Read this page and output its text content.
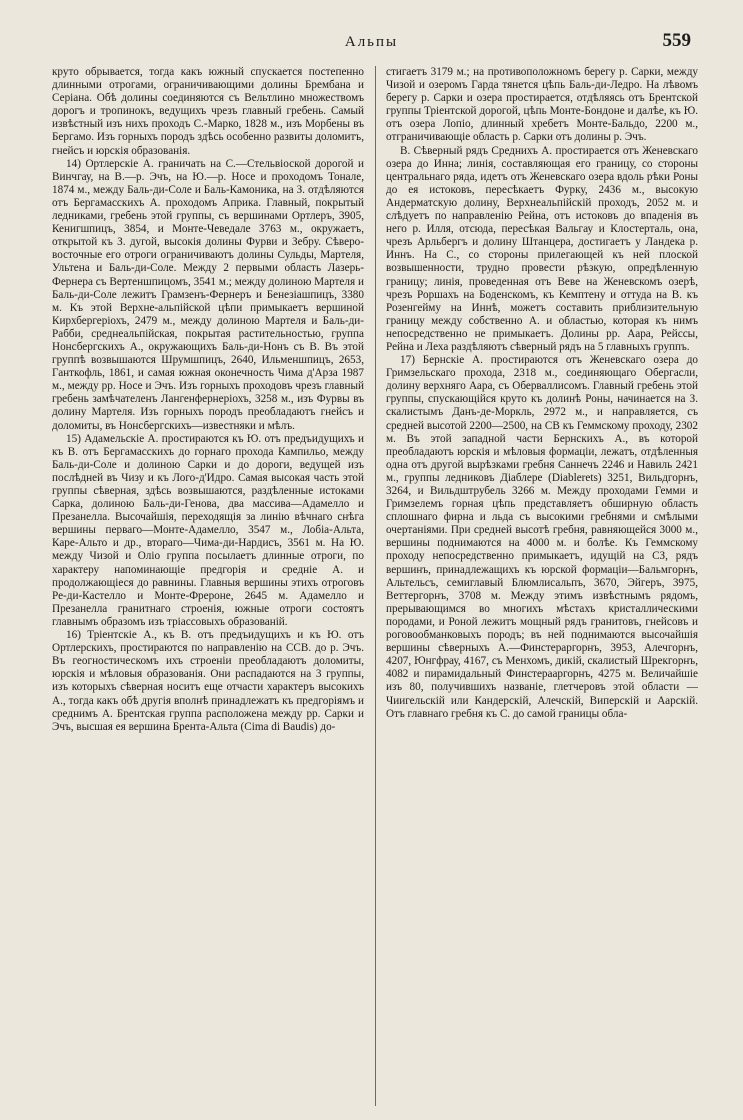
Альпы	559

круто обрывается, тогда какъ южный спускается постепенно длинными отрогами, ограничивающими долины Брембана и Серіана. Обѣ долины соединяются съ Вельтлино множествомъ дорогъ и тропинокъ, ведущихъ чрезъ главный гребень. Самый извѣстный изъ нихъ проходъ С.-Марко, 1828 м., изъ Морбены въ Бергамо. Изъ горныхъ породъ здѣсь особенно развиты доломитъ, гнейсъ и юрскія образованія.

14) Ортлерскіе А. граничать на С.—Стельвіоской дорогой и Винчгау, на В.—р. Эчъ, на Ю.—р. Носе и проходомъ Тонале, 1874 м., между Баль-ди-Соле и Баль-Камоника, на З. отдѣляются отъ Бергамасскихъ А. проходомъ Априка. Главный, покрытый ледниками, гребень этой группы, съ вершинами Ортлеръ, 3905, Кенигшпицъ, 3854, и Монте-Чеведале 3763 м., окружаетъ, открытой къ З. дугой, высокія долины Фурви и Зебру. Сѣверо-восточные его отроги ограничиваютъ долины Сульды, Мартеля, Ультена и Баль-ди-Соле. Между 2 первыми область Лазерь-Фернера съ Вертеншпицомъ, 3541 м.; между долиною Мартеля и Баль-ди-Соле лежитъ Грамзенъ-Фернеръ и Бенезіашпицъ, 3380 м. Къ этой Верхне-альпійской цѣпи примыкаетъ вершиной Кирхбергеріохъ, 2479 м., между долиною Мартеля и Баль-ди-Рабби, среднеальпійская, покрытая растительностью, группа Нонсбергскихъ А., окружающихъ Баль-ди-Нонъ съ В. Въ этой группѣ возвышаются Шрумшпицъ, 2640, Ильменшпицъ, 2653, Ганткофль, 1861, и самая южная оконечность Чима д'Арза 1987 м., между рр. Носе и Эчъ. Изъ горныхъ проходовъ чрезъ главный гребень замѣчателенъ Лангенфернеріохъ, 3258 м., изъ Фурвы въ долину Мартеля. Изъ горныхъ породъ преобладаютъ гнейсъ и доломиты, въ Нонсбергскихъ—известняки и мѣлъ.

15) Адамельскіе А. простираются къ Ю. отъ предъидущихъ и къ В. отъ Бергамасскихъ до горнаго прохода Кампильо, между Баль-ди-Соле и долиною Сарки и до дороги, ведущей изъ послѣдней въ Чизу и къ Лого-д'Идро. Самая высокая часть этой группы сѣверная, здѣсь возвышаются, раздѣленные истоками Сарка, долиною Баль-ди-Генова, два массива—Адамелло и Презанелла. Высочайшія, переходящія за линію вѣчнаго снѣга вершины перваго—Монте-Адамелло, 3547 м., Лобіа-Альта, Каре-Альто и др., втораго—Чима-ди-Нардисъ, 3561 м. На Ю. между Чизой и Оліо группа посылаетъ длинные отроги, по характеру напоминающіе предгорія и средніе А. и продолжающіеся до равнины. Главныя вершины этихъ отроговъ Ре-ди-Кастелло и Монте-Фрероне, 2645 м. Адамелло и Презанелла гранитнаго строенія, южные отроги состоятъ главнымъ образомъ изъ тріассовыхъ образованій.

16) Тріентскіе А., къ В. отъ предъидущихъ и къ Ю. отъ Ортлерскихъ, простираются по направленію на ССВ. до р. Эчъ. Въ геогностическомъ ихъ строеніи преобладаютъ доломиты, юрскія и мѣловыя образованія. Они распадаются на 3 группы, изъ которыхъ сѣверная носитъ еще отчасти характеръ высокихъ А., тогда какъ обѣ другія вполнѣ принадлежатъ къ предгоріямъ и среднимъ А. Брентская группа расположена между рр. Сарки и Эчъ, высшая ея вершина Брента-Альта (Cima di Baudis) до-

стигаетъ 3179 м.; на противоположномъ берегу р. Сарки, между Чизой и озеромъ Гарда тянется цѣпь Баль-ди-Ледро. На лѣвомъ берегу р. Сарки и озера простирается, отдѣляясь отъ Брентской группы Тріентской дорогой, цѣпь Монте-Бондоне и далѣе, къ Ю. отъ озера Лопіо, длинный хребетъ Монте-Бальдо, 2200 м., отграничивающіе область р. Сарки отъ долины р. Эчъ.

В. Сѣверный рядъ Среднихъ А. простирается отъ Женевскаго озера до Инна; линія, составляющая его границу, со стороны центральнаго ряда, идетъ отъ Женевскаго озера вдоль рѣки Роны до ея истоковъ, пересѣкаетъ Фурку, 2436 м., высокую Андерматскую долину, Верхнеальпійскій проходъ, 2052 м. и слѣдуетъ по направленію Рейна, отъ истоковъ до впаденія въ него р. Илля, отсюда, пересѣкая Вальгау и Клостерталь, она, чрезъ Арльбергъ и долину Штанцера, достигаетъ у Ландека р. Иннъ. На С., со стороны прилегающей къ ней плоской возвышенности, трудно провести рѣзкую, опредѣленную границу; линія, проведенная отъ Веве на Женевскомъ озерѣ, чрезъ Роршахъ на Боденскомъ, къ Кемптену и оттуда на В. къ Розенгейму на Иннѣ, можетъ составить приблизительную границу между собственно А. и областью, которая къ нимъ непосредственно не примыкаетъ. Долины рр. Аара, Рейссы, Рейна и Леха раздѣляютъ сѣверный рядъ на 5 главныхъ группъ.

17) Бернскіе А. простираются отъ Женевскаго озера до Гримзельскаго прохода, 2318 м., соединяющаго Обергасли, долину верхняго Аара, съ Оберваллисомъ. Главный гребень этой группы, спускающійся круто къ долинѣ Роны, начинается на З. скалистымъ Данъ-де-Моркль, 2972 м., и направляется, съ средней высотой 2200—2500, на СВ къ Геммскому проходу, 2302 м. Въ этой западной части Бернскихъ А., въ которой преобладаютъ юрскія и мѣловыя формаціи, лежатъ, отдѣленныя одна отъ другой вырѣзками гребня Саннечъ 2246 и Навиль 2421 м., группы ледниковъ Діаблере (Diablerets) 3251, Вильдгорнъ, 3264, и Вильдштрубель 3266 м. Между проходами Гемми и Гримзелемъ горная цѣпь представляетъ обширную область сплошнаго фирна и льда съ высокими гребнями и смѣлыми очертаніями. При средней высотѣ гребня, равняющейся 3000 м., вершины поднимаются на 4000 м. и болѣе. Къ Геммскому проходу непосредственно примыкаетъ, идущій на СЗ, рядъ вершинъ, принадлежащихъ къ юрской формаціи—Бальмгорнъ, Альтельсъ, семиглавый Блюмлисальпъ, 3670, Эйгеръ, 3975, Веттергорнъ, 3708 м. Между этимъ извѣстнымъ рядомъ, прерывающимся во многихъ мѣстахъ кристаллическими породами, и Роной лежитъ мощный рядъ гранитовъ, гнейсовъ и роговообманковыхъ породъ; въ ней поднимаются высочайшія вершины сѣверныхъ А.—Финстераргорнъ, 3953, Алечгорнъ, 4207, Юнгфрау, 4167, съ Менхомъ, дикій, скалистый Шрекгорнъ, 4082 и пирамидальный Финстерааргорнъ, 4275 м. Величайшіе изъ 80, получившихъ названіе, глетчеровъ этой области — Чиигельскій или Кандерскій, Алечскій, Виперскій и Аарскій. Отъ главнаго гребня къ С. до самой границы обла-
